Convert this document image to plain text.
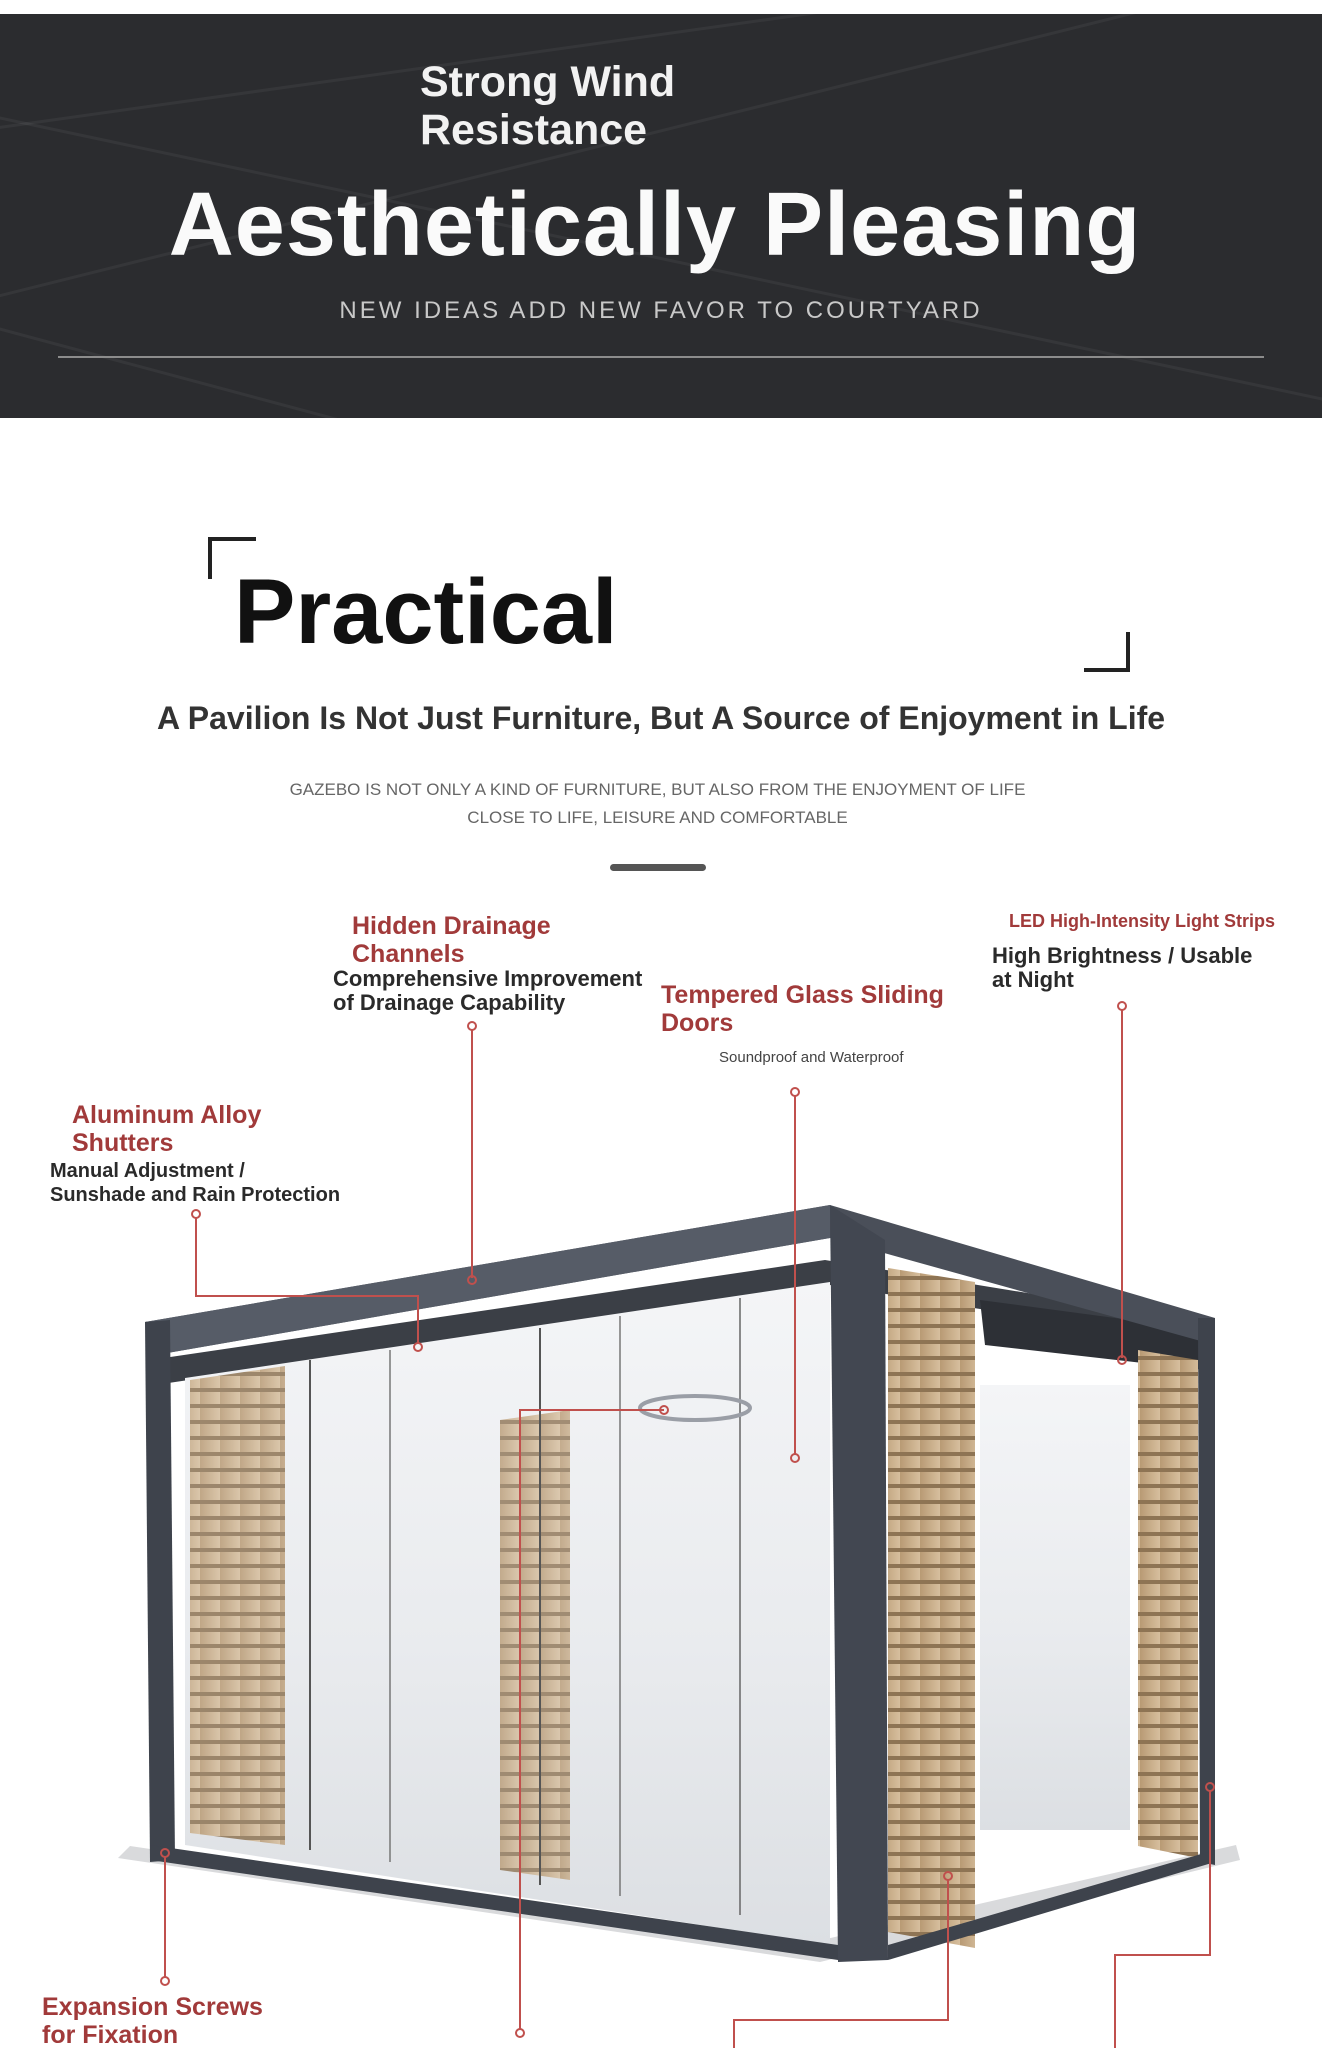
Strong Wind
Resistance
Aesthetically Pleasing
NEW IDEAS ADD NEW FAVOR TO COURTYARD
Practical
A Pavilion Is Not Just Furniture, But A Source of Enjoyment in Life
GAZEBO IS NOT ONLY A KIND OF FURNITURE, BUT ALSO FROM THE ENJOYMENT OF LIFE
CLOSE TO LIFE, LEISURE AND COMFORTABLE
Hidden Drainage
Channels
Comprehensive Improvement
of Drainage Capability	Tempered Glass Sliding
Doors
Soundproof and Waterproof
LED High-Intensity Light Strips
High Brightness / Usable
at Night
Aluminum Alloy
Shutters
Manual Adjustment /
Sunshade and Rain Protection
Expansion Screws
for Fixation
